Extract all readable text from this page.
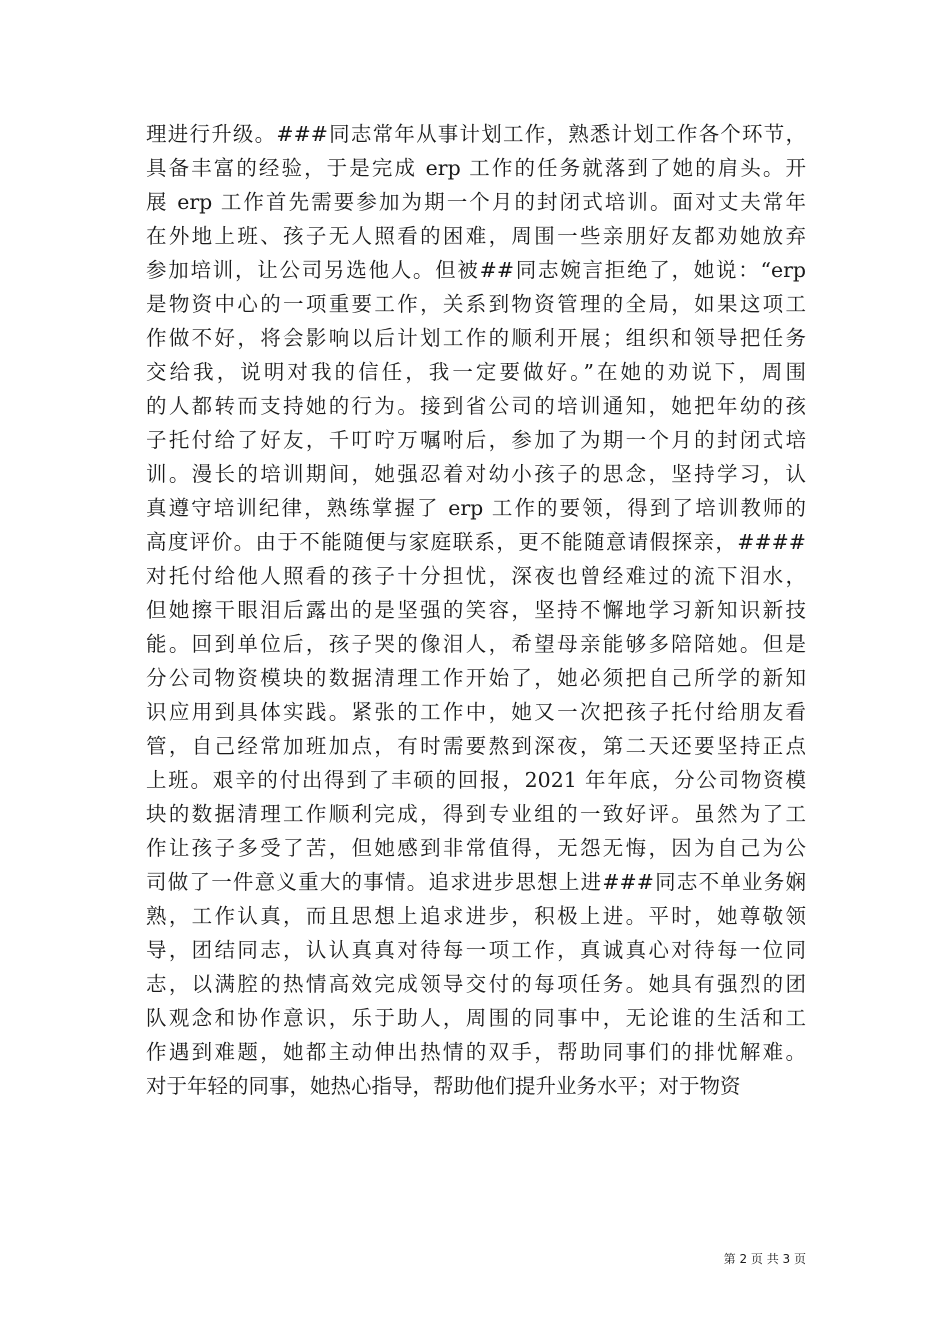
理进行升级。###同志常年从事计划工作，熟悉计划工作各个环节，
具备丰富的经验，于是完成 erp 工作的任务就落到了她的肩头。开
展 erp 工作首先需要参加为期一个月的封闭式培训。面对丈夫常年
在外地上班、孩子无人照看的困难，周围一些亲朋好友都劝她放弃
参加培训，让公司另选他人。但被##同志婉言拒绝了，她说：“erp
是物资中心的一项重要工作，关系到物资管理的全局，如果这项工
作做不好，将会影响以后计划工作的顺利开展；组织和领导把任务
交给我，说明对我的信任，我一定要做好。”在她的劝说下，周围
的人都转而支持她的行为。接到省公司的培训通知，她把年幼的孩
子托付给了好友，千叮咛万嘱咐后，参加了为期一个月的封闭式培
训。漫长的培训期间，她强忍着对幼小孩子的思念，坚持学习，认
真遵守培训纪律，熟练掌握了 erp 工作的要领，得到了培训教师的
高度评价。由于不能随便与家庭联系，更不能随意请假探亲，####
对托付给他人照看的孩子十分担忧，深夜也曾经难过的流下泪水，
但她擦干眼泪后露出的是坚强的笑容，坚持不懈地学习新知识新技
能。回到单位后，孩子哭的像泪人，希望母亲能够多陪陪她。但是
分公司物资模块的数据清理工作开始了，她必须把自己所学的新知
识应用到具体实践。紧张的工作中，她又一次把孩子托付给朋友看
管，自己经常加班加点，有时需要熬到深夜，第二天还要坚持正点
上班。艰辛的付出得到了丰硕的回报，2021 年年底，分公司物资模
块的数据清理工作顺利完成，得到专业组的一致好评。虽然为了工
作让孩子多受了苦，但她感到非常值得，无怨无悔，因为自己为公
司做了一件意义重大的事情。追求进步思想上进###同志不单业务娴
熟，工作认真，而且思想上追求进步，积极上进。平时，她尊敬领
导，团结同志，认认真真对待每一项工作，真诚真心对待每一位同
志，以满腔的热情高效完成领导交付的每项任务。她具有强烈的团
队观念和协作意识，乐于助人，周围的同事中，无论谁的生活和工
作遇到难题，她都主动伸出热情的双手，帮助同事们的排忧解难。
对于年轻的同事，她热心指导，帮助他们提升业务水平；对于物资
第 2 页 共 3 页
